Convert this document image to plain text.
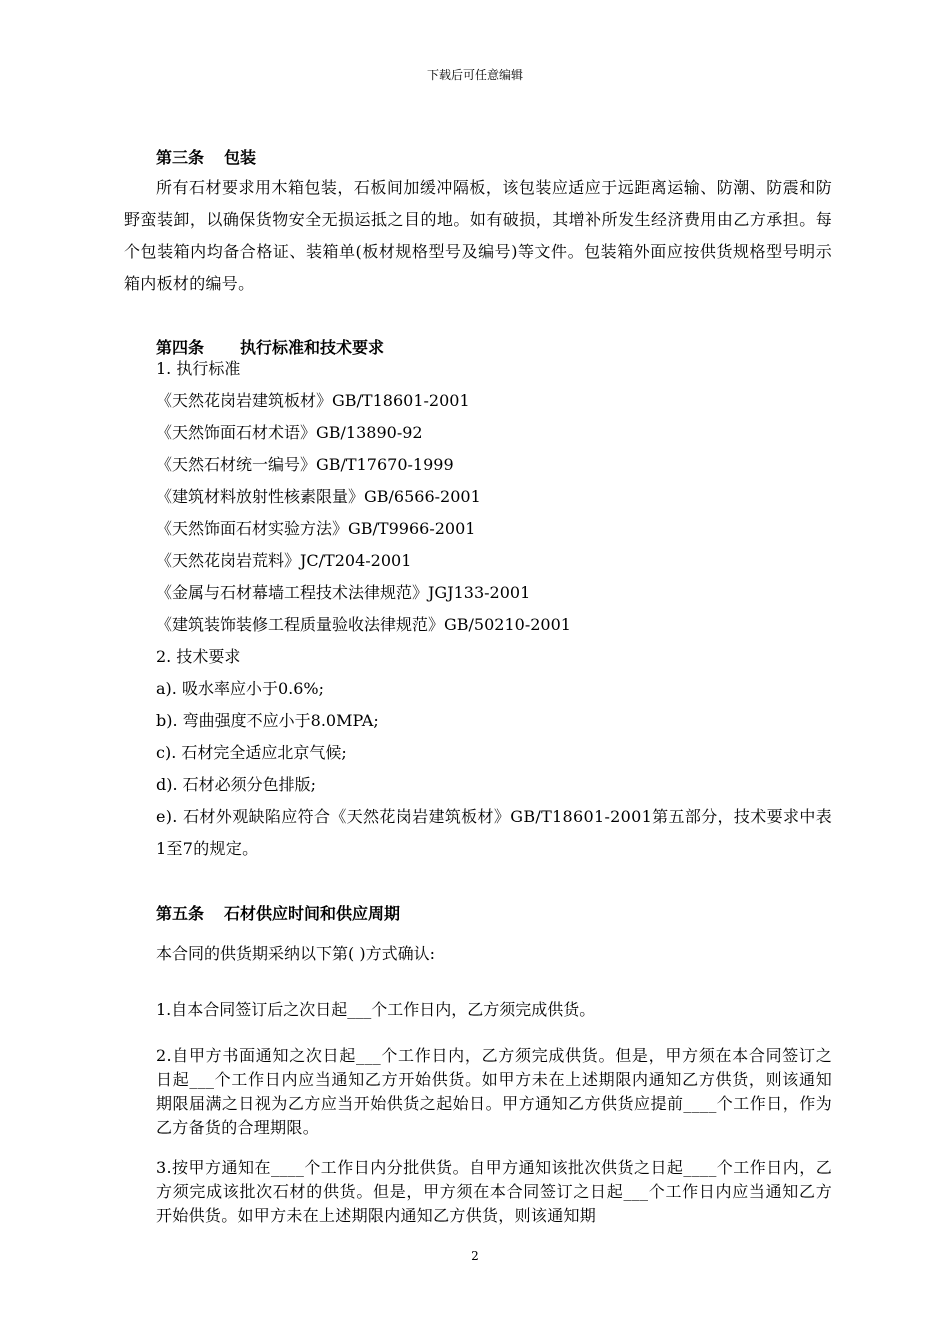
下载后可任意编辑
第三条 包装

所有石材要求用木箱包装，石板间加缓冲隔板，该包装应适应于远距离运输、防潮、防震和防野蛮装卸，以确保货物安全无损运抵之目的地。如有破损，其增补所发生经济费用由乙方承担。每个包装箱内均备合格证、装箱单(板材规格型号及编号)等文件。包装箱外面应按供货规格型号明示箱内板材的编号。

第四条 执行标准和技术要求
1. 执行标准
《天然花岗岩建筑板材》GB/T18601-2001
《天然饰面石材术语》GB/13890-92
《天然石材统一编号》GB/T17670-1999
《建筑材料放射性核素限量》GB/6566-2001
《天然饰面石材实验方法》GB/T9966-2001
《天然花岗岩荒料》JC/T204-2001
《金属与石材幕墙工程技术法律规范》JGJ133-2001
《建筑装饰装修工程质量验收法律规范》GB/50210-2001
2. 技术要求
a). 吸水率应小于0.6%;
b). 弯曲强度不应小于8.0MPA;
c). 石材完全适应北京气候;
d). 石材必须分色排版;

e). 石材外观缺陷应符合《天然花岗岩建筑板材》GB/T18601-2001第五部分，技术要求中表1至7的规定。

第五条 石材供应时间和供应周期
本合同的供货期采纳以下第( )方式确认:
1.自本合同签订后之次日起___个工作日内，乙方须完成供货。

2.自甲方书面通知之次日起___个工作日内，乙方须完成供货。但是，甲方须在本合同签订之日起___个工作日内应当通知乙方开始供货。如甲方未在上述期限内通知乙方供货，则该通知期限届满之日视为乙方应当开始供货之起始日。甲方通知乙方供货应提前____个工作日，作为乙方备货的合理期限。

3.按甲方通知在____个工作日内分批供货。自甲方通知该批次供货之日起____个工作日内，乙方须完成该批次石材的供货。但是，甲方须在本合同签订之日起___个工作日内应当通知乙方开始供货。如甲方未在上述期限内通知乙方供货，则该通知期

2
